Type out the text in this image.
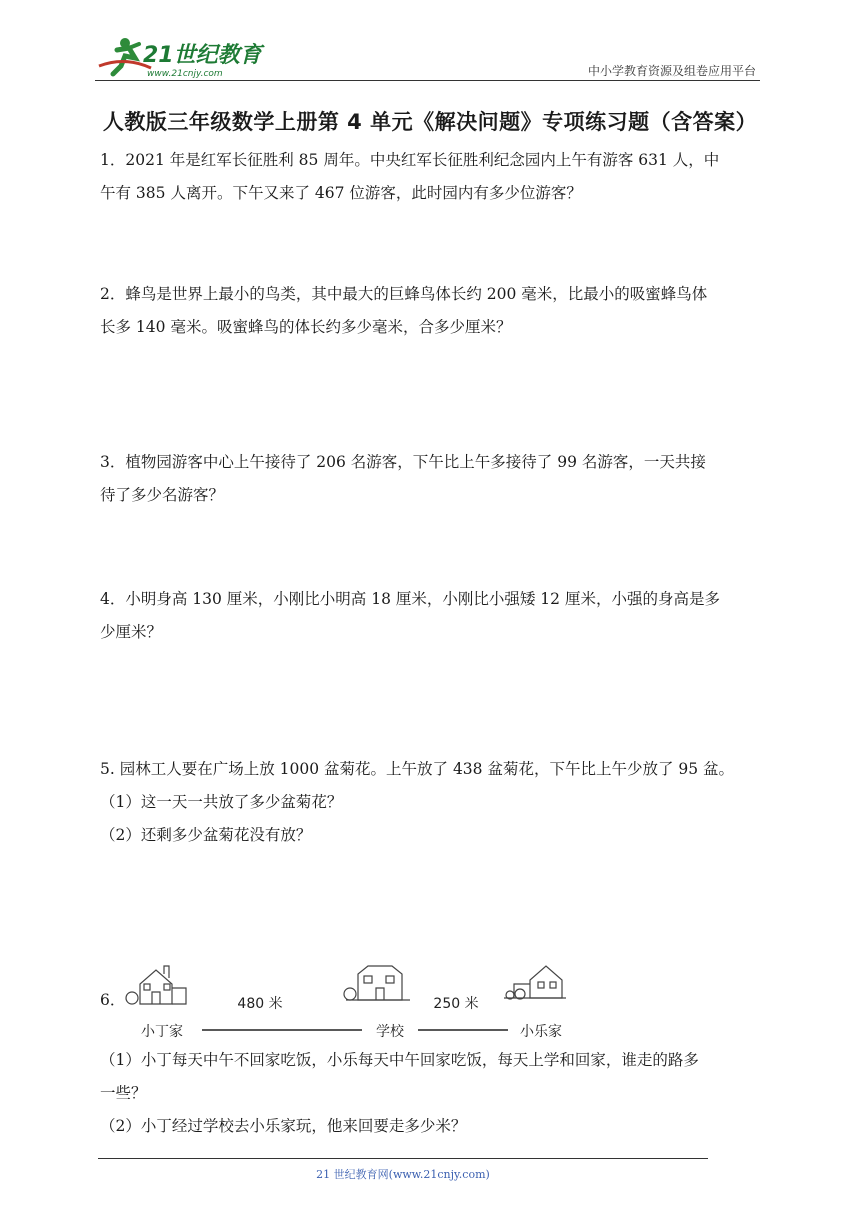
21世纪教育
www.21cnjy.com	中小学教育资源及组卷应用平台
人教版三年级数学上册第 4 单元《解决问题》专项练习题（含答案）

1．2021 年是红军长征胜利 85 周年。中央红军长征胜利纪念园内上午有游客 631 人，中

午有 385 人离开。下午又来了 467 位游客，此时园内有多少位游客？

2．蜂鸟是世界上最小的鸟类，其中最大的巨蜂鸟体长约 200 毫米，比最小的吸蜜蜂鸟体

长多 140 毫米。吸蜜蜂鸟的体长约多少毫米，合多少厘米？

3．植物园游客中心上午接待了 206 名游客，下午比上午多接待了 99 名游客，一天共接

待了多少名游客？

4．小明身高 130 厘米，小刚比小明高 18 厘米，小刚比小强矮 12 厘米，小强的身高是多

少厘米？

5. 园林工人要在广场上放 1000 盆菊花。上午放了 438 盆菊花，下午比上午少放了 95 盆。

（1）这一天一共放了多少盆菊花？

（2）还剩多少盆菊花没有放？

6．	480 米	250 米
小丁家	学校	小乐家

（1）小丁每天中午不回家吃饭，小乐每天中午回家吃饭，每天上学和回家，谁走的路多

一些？

（2）小丁经过学校去小乐家玩，他来回要走多少米？

21 世纪教育网(www.21cnjy.com)
